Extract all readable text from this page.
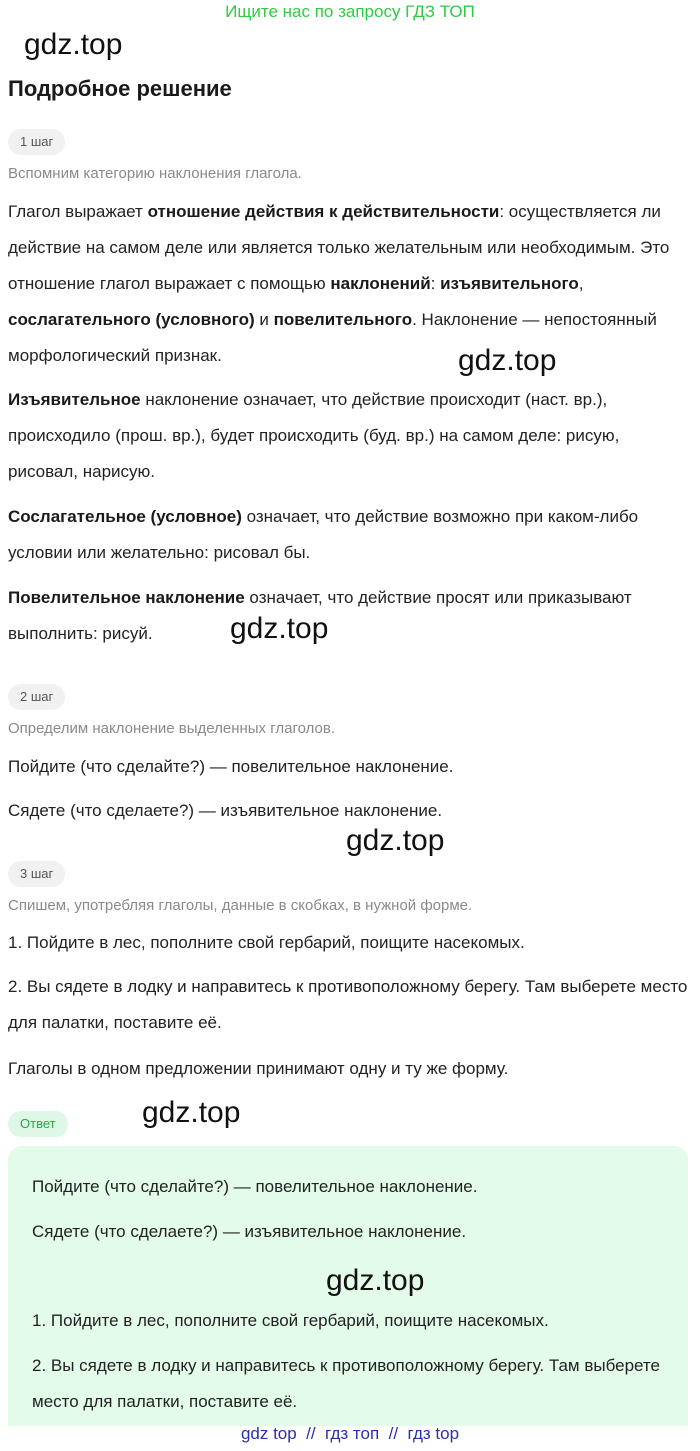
Ищите нас по запросу ГДЗ ТОП
gdz.top
Подробное решение
1 шаг
Вспомним категорию наклонения глагола.
Глагол выражает отношение действия к действительности: осуществляется ли действие на самом деле или является только желательным или необходимым. Это отношение глагол выражает с помощью наклонений: изъявительного, сослагательного (условного) и повелительного. Наклонение — непостоянный морфологический признак.	gdz.top
Изъявительное наклонение означает, что действие происходит (наст. вр.), происходило (прош. вр.), будет происходить (буд. вр.) на самом деле: рисую, рисовал, нарисую.
Сослагательное (условное) означает, что действие возможно при каком-либо условии или желательно: рисовал бы.
Повелительное наклонение означает, что действие просят или приказывают выполнить: рисуй.	gdz.top
2 шаг
Определим наклонение выделенных глаголов.
Пойдите (что сделайте?) — повелительное наклонение.
Сядете (что сделаете?) — изъявительное наклонение.
gdz.top
3 шаг
Спишем, употребляя глаголы, данные в скобках, в нужной форме.
1. Пойдите в лес, пополните свой гербарий, поищите насекомых.
2. Вы сядете в лодку и направитесь к противоположному берегу. Там выберете место для палатки, поставите её.
Глаголы в одном предложении принимают одну и ту же форму.
Ответ	gdz.top
Пойдите (что сделайте?) — повелительное наклонение.
Сядете (что сделаете?) — изъявительное наклонение.
gdz.top
1. Пойдите в лес, пополните свой гербарий, поищите насекомых.
2. Вы сядете в лодку и направитесь к противоположному берегу. Там выберете место для палатки, поставите её.
gdz top  //  гдз топ  //  гдз top
